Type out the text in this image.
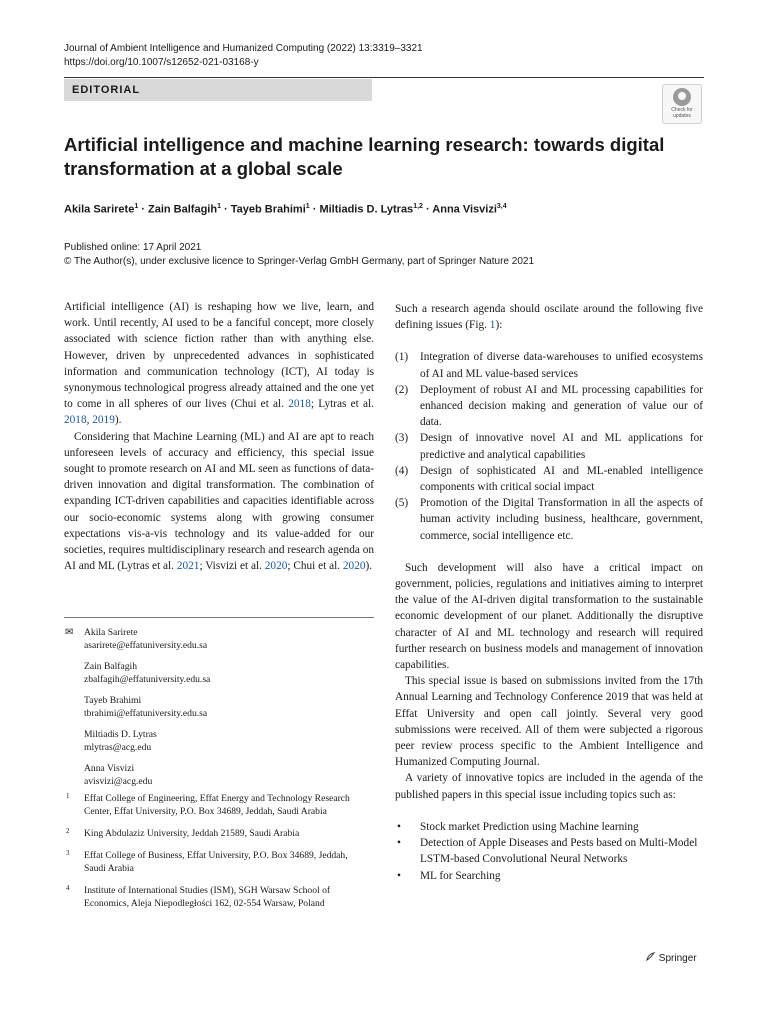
Journal of Ambient Intelligence and Humanized Computing (2022) 13:3319–3321
https://doi.org/10.1007/s12652-021-03168-y
EDITORIAL
Check for
updates
Artificial intelligence and machine learning research: towards digital
transformation at a global scale
Akila Sarirete$^1$ · Zain Balfagih$^1$ · Tayeb Brahimi$^1$ · Miltiadis D. Lytras$^{1,2}$ · Anna Visvizi$^{3,4}$
Published online: 17 April 2021
© The Author(s), under exclusive licence to Springer-Verlag GmbH Germany, part of Springer Nature 2021

Artificial intelligence (AI) is reshaping how we live, learn, and work. Until recently, AI used to be a fanciful concept, more closely associated with science fiction rather than with anything else. However, driven by unprecedented advances in sophisticated information and communication technology (ICT), AI today is synonymous technological progress already attained and the one yet to come in all spheres of our lives (Chui et al. 2018; Lytras et al. 2018, 2019).

Considering that Machine Learning (ML) and AI are apt to reach unforeseen levels of accuracy and efficiency, this special issue sought to promote research on AI and ML seen as functions of data-driven innovation and digital transformation. The combination of expanding ICT-driven capabilities and capacities identifiable across our socio-economic systems along with growing consumer expectations vis-a-vis technology and its value-added for our societies, requires multidisciplinary research and research agenda on AI and ML (Lytras et al. 2021; Visvizi et al. 2020; Chui et al. 2020).

✉ Akila Sarirete
asarirete@effatuniversity.edu.sa
Zain Balfagih
zbalfagih@effatuniversity.edu.sa
Tayeb Brahimi
tbrahimi@effatuniversity.edu.sa
Miltiadis D. Lytras
mlytras@acg.edu
Anna Visvizi
avisvizi@acg.edu
1 Effat College of Engineering, Effat Energy and Technology Research Center, Effat University, P.O. Box 34689, Jeddah, Saudi Arabia
2 King Abdulaziz University, Jeddah 21589, Saudi Arabia
3 Effat College of Business, Effat University, P.O. Box 34689, Jeddah, Saudi Arabia
4 Institute of International Studies (ISM), SGH Warsaw School of Economics, Aleja Niepodległości 162, 02-554 Warsaw, Poland

Such a research agenda should oscilate around the following five defining issues (Fig. 1):

(1) Integration of diverse data-warehouses to unified ecosystems of AI and ML value-based services
(2) Deployment of robust AI and ML processing capabilities for enhanced decision making and generation of value our of data.
(3) Design of innovative novel AI and ML applications for predictive and analytical capabilities
(4) Design of sophisticated AI and ML-enabled intelligence components with critical social impact
(5) Promotion of the Digital Transformation in all the aspects of human activity including business, healthcare, government, commerce, social intelligence etc.

Such development will also have a critical impact on government, policies, regulations and initiatives aiming to interpret the value of the AI-driven digital transformation to the sustainable economic development of our planet. Additionally the disruptive character of AI and ML technology and research will required further research on business models and management of innovation capabilities.

This special issue is based on submissions invited from the 17th Annual Learning and Technology Conference 2019 that was held at Effat University and open call jointly. Several very good submissions were received. All of them were subjected a rigorous peer review process specific to the Ambient Intelligence and Humanized Computing Journal.

A variety of innovative topics are included in the agenda of the published papers in this special issue including topics such as:

• Stock market Prediction using Machine learning
• Detection of Apple Diseases and Pests based on Multi-Model LSTM-based Convolutional Neural Networks
• ML for Searching
Springer
